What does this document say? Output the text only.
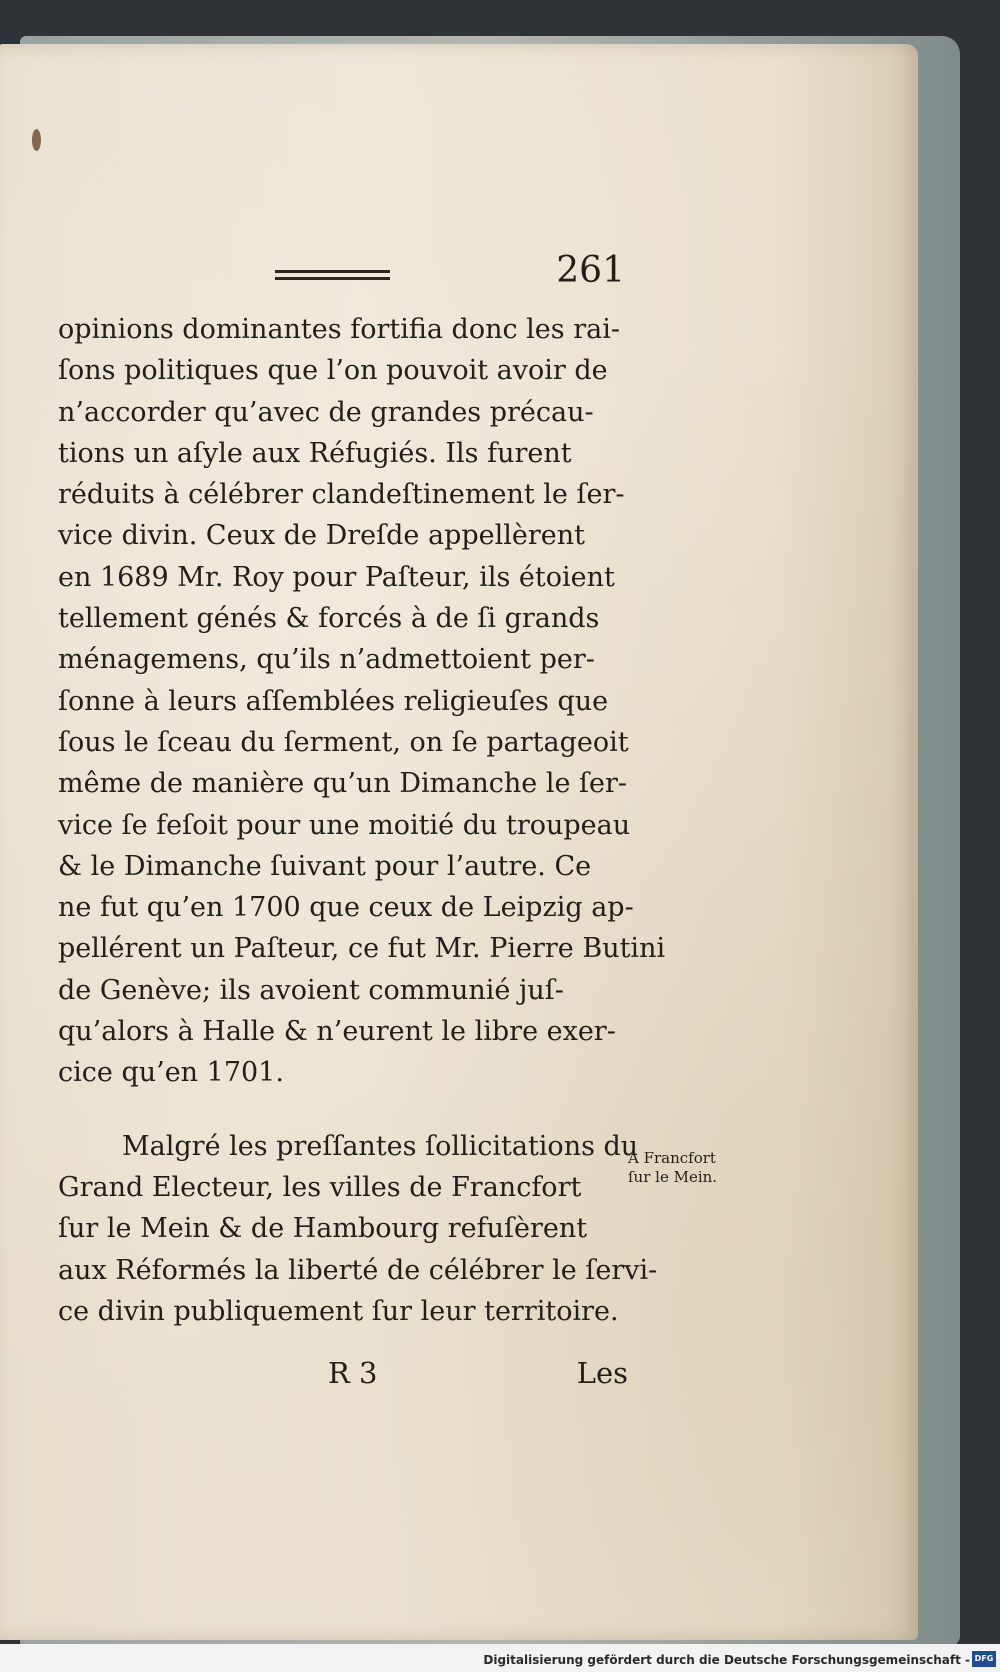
261
opinions dominantes fortifia donc les rai-
ſons politiques que l’on pouvoit avoir de
n’accorder qu’avec de grandes précau-
tions un aſyle aux Réfugiés. Ils furent
réduits à célébrer clandeſtinement le ſer-
vice divin. Ceux de Dreſde appellèrent
en 1689 Mr. Roy pour Paſteur, ils étoient
tellement génés & forcés à de ſi grands
ménagemens, qu’ils n’admettoient per-
ſonne à leurs aſſemblées religieuſes que
ſous le ſceau du ſerment, on ſe partageoit
même de manière qu’un Dimanche le ſer-
vice ſe feſoit pour une moitié du troupeau
& le Dimanche ſuivant pour l’autre. Ce
ne fut qu’en 1700 que ceux de Leipzig ap-
pellérent un Paſteur, ce fut Mr. Pierre Butini
de Genève; ils avoient communié juſ-
qu’alors à Halle & n’eurent le libre exer-
cice qu’en 1701.
Malgré les preſſantes ſollicitations du
Grand Electeur, les villes de Francfort
ſur le Mein & de Hambourg refuſèrent
aux Réformés la liberté de célébrer le ſervi-
ce divin publiquement ſur leur territoire.
A Francfort
ſur le Mein.
R 3	Les
Digitalisierung gefördert durch die Deutsche Forschungsgemeinschaft - DFG
